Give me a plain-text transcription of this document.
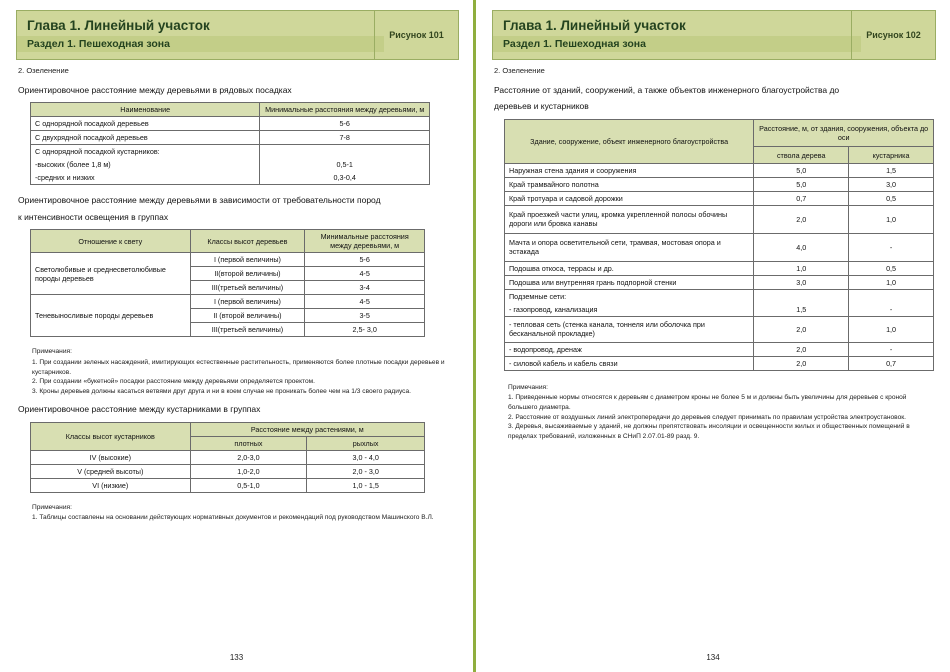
Глава 1. Линейный участок
Раздел 1. Пешеходная зона
Рисунок 101
2. Озеленение
Ориентировочное расстояние между деревьями в рядовых посадках
Наименование	Минимальные расстояния между деревьями, м
С однорядной посадкой деревьев	5-6
С двухрядной посадкой деревьев	7-8
С однорядной посадкой кустарников:	
-высоких (более 1,8 м)	0,5-1
-средних и низких	0,3-0,4
Ориентировочное расстояние между деревьями в зависимости от требовательности пород
к интенсивности освещения в группах
Отношение к свету	Классы высот деревьев	Минимальные расстояния между деревьями, м
Светолюбивые и среднесветолюбивые породы деревьев	I (первой величины)	5-6
	II(второй величины)	4-5
	III(третьей величины)	3-4
Теневыносливые породы деревьев	I (первой величины)	4-5
	II (второй величины)	3-5
	III(третьей величины)	2,5- 3,0
Примечания:
1. При создании зеленых насаждений, имитирующих естественные растительность, применяются более плотные посадки деревьев и кустарников.
2. При создании «букетной» посадки расстояние между деревьями определяется проектом.
3. Кроны деревьев должны касаться ветвями друг друга и ни в коем случае не проникать более чем на 1/3 своего радиуса.
Ориентировочное расстояние между кустарниками в группах
Классы высот кустарников	Расстояние между растениями, м	
	плотных	рыхлых
IV (высокие)	2,0-3,0	3,0 - 4,0
V (средней высоты)	1,0-2,0	2,0 - 3,0
VI (низкие)	0,5-1,0	1,0 - 1,5
Примечания:
1. Таблицы составлены на основании действующих нормативных документов и рекомендаций под руководством Машинского В.Л.
133
Глава 1. Линейный участок
Раздел 1. Пешеходная зона
Рисунок 102
2. Озеленение
Расстояние от зданий, сооружений, а также объектов инженерного благоустройства до
деревьев и кустарников
Здание, сооружение, объект инженерного благоустройства	Расстояние, м, от здания, сооружения, объекта до оси	
	ствола дерева	кустарника
Наружная стена здания и сооружения	5,0	1,5
Край трамвайного полотна	5,0	3,0
Край тротуара и садовой дорожки	0,7	0,5
Край проезжей части улиц, кромка укрепленной полосы обочины дороги или бровка канавы	2,0	1,0
Мачта и опора осветительной сети, трамвая, мостовая опора и эстакада	4,0	-
Подошва откоса, террасы и др.	1,0	0,5
Подошва или внутренняя грань подпорной стенки	3,0	1,0
Подземные сети:		
- газопровод, канализация	1,5	-
- тепловая сеть (стенка канала, тоннеля или оболочка при бесканальной прокладке)	2,0	1,0
- водопровод, дренаж	2,0	-
- силовой кабель и кабель связи	2,0	0,7
Примечания:
1. Приведенные нормы относятся к деревьям с диаметром кроны не более 5 м и должны быть увеличины для деревьев с кроной большего диаметра.
2. Расстояние от воздушных линий электропередачи до деревьев следует принимать по правилам устройства электроустановок.
3. Деревья, высаживаемые у зданий, не должны препятствовать инсоляции и освещенности жилых и общественных помещений в пределах требований, изложенных в СНиП 2.07.01-89 разд. 9.
134
